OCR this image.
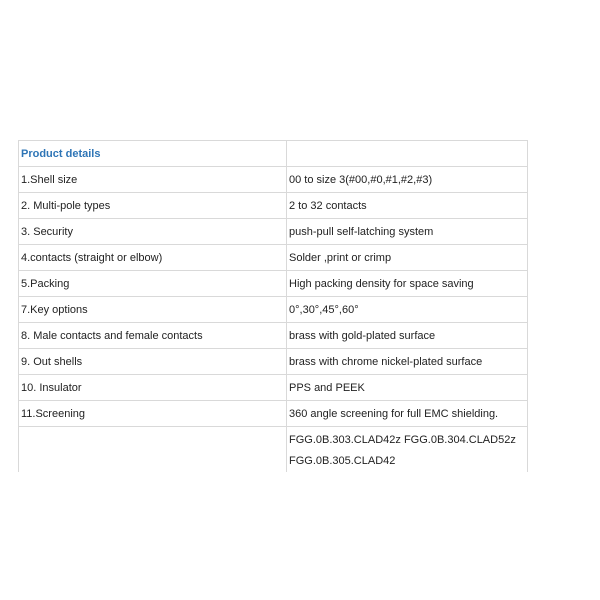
Product details	
1.Shell size	00 to size 3(#00,#0,#1,#2,#3)
2. Multi-pole types	2 to 32 contacts
3. Security	push-pull self-latching system
4.contacts (straight or elbow)	Solder ,print or crimp
5.Packing	High packing density for space saving
7.Key options	0°,30°,45°,60°
8. Male contacts and female contacts	brass with gold-plated surface
9. Out shells	brass with chrome nickel-plated surface
10. Insulator	PPS and PEEK
11.Screening	360 angle screening for full EMC shielding.

	FGG.0B.303.CLAD42z FGG.0B.304.CLAD52z
FGG.0B.305.CLAD42
